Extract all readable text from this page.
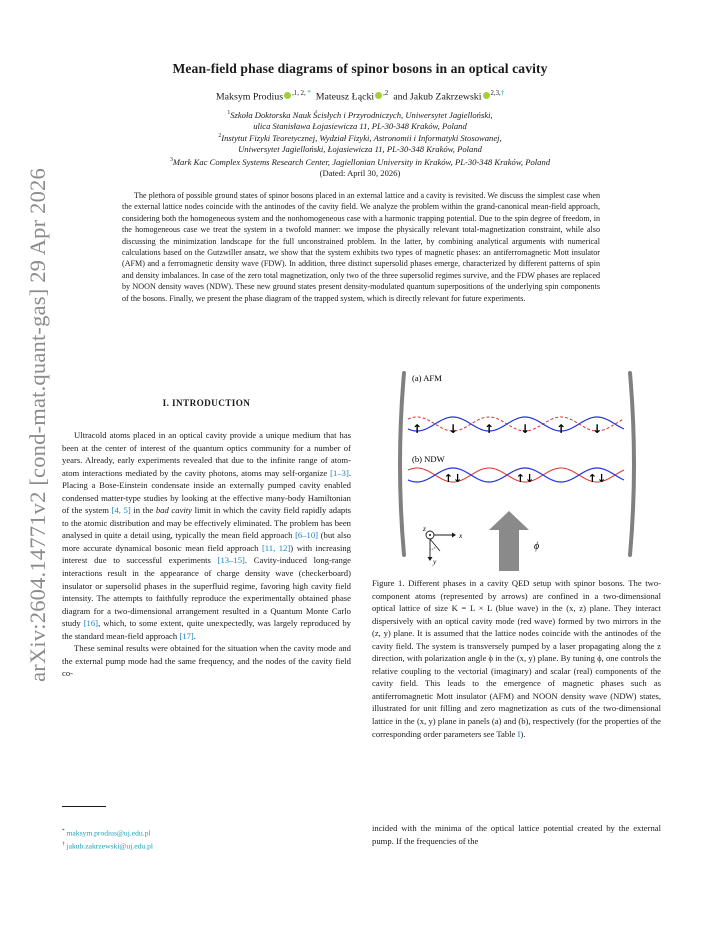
arXiv:2604.14771v2 [cond-mat.quant-gas] 29 Apr 2026
Mean-field phase diagrams of spinor bosons in an optical cavity
Maksym Prodius $^{,1, 2, *}$ Mateusz Łącki $^{,2}$ and Jakub Zakrzewski $^{2,3,\dagger}$
$^1$Szkoła Doktorska Nauk Ścisłych i Przyrodniczych, Uniwersytet Jagielloński,
ulica Stanisława Łojasiewicza 11, PL-30-348 Kraków, Poland
$^2$Instytut Fizyki Teoretycznej, Wydział Fizyki, Astronomii i Informatyki Stosowanej,
Uniwersytet Jagielloński, Łojasiewicza 11, PL-30-348 Kraków, Poland
$^3$Mark Kac Complex Systems Research Center, Jagiellonian University in Kraków, PL-30-348 Kraków, Poland
(Dated: April 30, 2026)
The plethora of possible ground states of spinor bosons placed in an external lattice and a cavity is revisited. We discuss the simplest case when the external lattice nodes coincide with the antinodes of the cavity field. We analyze the problem within the grand-canonical mean-field approach, considering both the homogeneous system and the nonhomogeneous case with a harmonic trapping potential. Due to the spin degree of freedom, in the homogeneous case we treat the system in a twofold manner: we impose the physically relevant total-magnetization constraint, while also discussing the minimization landscape for the full unconstrained problem. In the latter, by combining analytical arguments with numerical calculations based on the Gutzwiller ansatz, we show that the system exhibits two types of magnetic phases: an antiferromagnetic Mott insulator (AFM) and a ferromagnetic density wave (FDW). In addition, three distinct supersolid phases emerge, characterized by different patterns of spin and density imbalances. In case of the zero total magnetization, only two of the three supersolid regimes survive, and the FDW phases are replaced by NOON density waves (NDW). These new ground states present density-modulated quantum superpositions of the underlying spin components of the bosons. Finally, we present the phase diagram of the trapped system, which is directly relevant for future experiments.
I. INTRODUCTION

Ultracold atoms placed in an optical cavity provide a unique medium that has been at the center of interest of the quantum optics community for a number of years. Already, early experiments revealed that due to the infinite range of atom-atom interactions mediated by the cavity photons, atoms may self-organize [1–3]. Placing a Bose-Einstein condensate inside an externally pumped cavity enabled condensed matter-type studies by looking at the effective many-body Hamiltonian of the system [4, 5] in the bad cavity limit in which the cavity field rapidly adapts to the atomic distribution and may be effectively eliminated. The problem has been analysed in quite a detail using, typically the mean field approach [6–10] (but also more accurate dynamical bosonic mean field approach [11, 12]) with increasing interest due to successful experiments [13–15]. Cavity-induced long-range interactions result in the appearance of charge density wave (checkerboard) insulator or supersolid phases in the superfluid regime, favoring high cavity field intensity. The attempts to faithfully reproduce the experimentally obtained phase diagram for a two-dimensional arrangement resulted in a Quantum Monte Carlo study [16], which, to some extent, quite unexpectedly, was largely reproduced by the standard mean-field approach [17].

These seminal results were obtained for the situation when the cavity mode and the external pump mode had the same frequency, and the nodes of the cavity field co-

* maksym.prodius@uj.edu.pl
† jakub.zakrzewski@uj.edu.pl
(a) AFM
↑ ↓ ↑ ↓ ↑ ↓
(b) NDW
↑↓	↑↓	↑↓
z
x
y
ϕ
Figure 1. Different phases in a cavity QED setup with spinor bosons. The two-component atoms (represented by arrows) are confined in a two-dimensional optical lattice of size K = L × L (blue wave) in the (x, z) plane. They interact dispersively with an optical cavity mode (red wave) formed by two mirrors in the (z, y) plane. It is assumed that the lattice nodes coincide with the antinodes of the cavity field. The system is transversely pumped by a laser propagating along the z direction, with polarization angle ϕ in the (x, y) plane. By tuning ϕ, one controls the relative coupling to the vectorial (imaginary) and scalar (real) components of the cavity field. This leads to the emergence of magnetic phases such as antiferromagnetic Mott insulator (AFM) and NOON density wave (NDW) states, illustrated for unit filling and zero magnetization as cuts of the two-dimensional lattice in the (x, y) plane in panels (a) and (b), respectively (for the properties of the corresponding order parameters see Table I).
incided with the minima of the optical lattice potential created by the external pump. If the frequencies of the
